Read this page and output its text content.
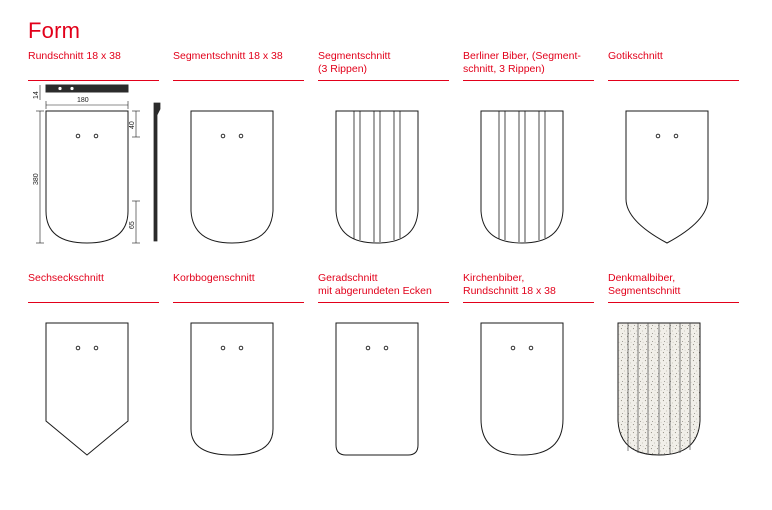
Form
Rundschnitt 18 x 38
180
380
14
40
65
Segmentschnitt 18 x 38	Segmentschnitt
(3 Rippen)
Berliner Biber, (Segment-
schnitt, 3 Rippen)
Gotikschnitt
Sechseckschnitt	Korbbogenschnitt	Geradschnitt
mit abgerundeten Ecken
Kirchenbiber,
Rundschnitt 18 x 38
Denkmalbiber,
Segmentschnitt
